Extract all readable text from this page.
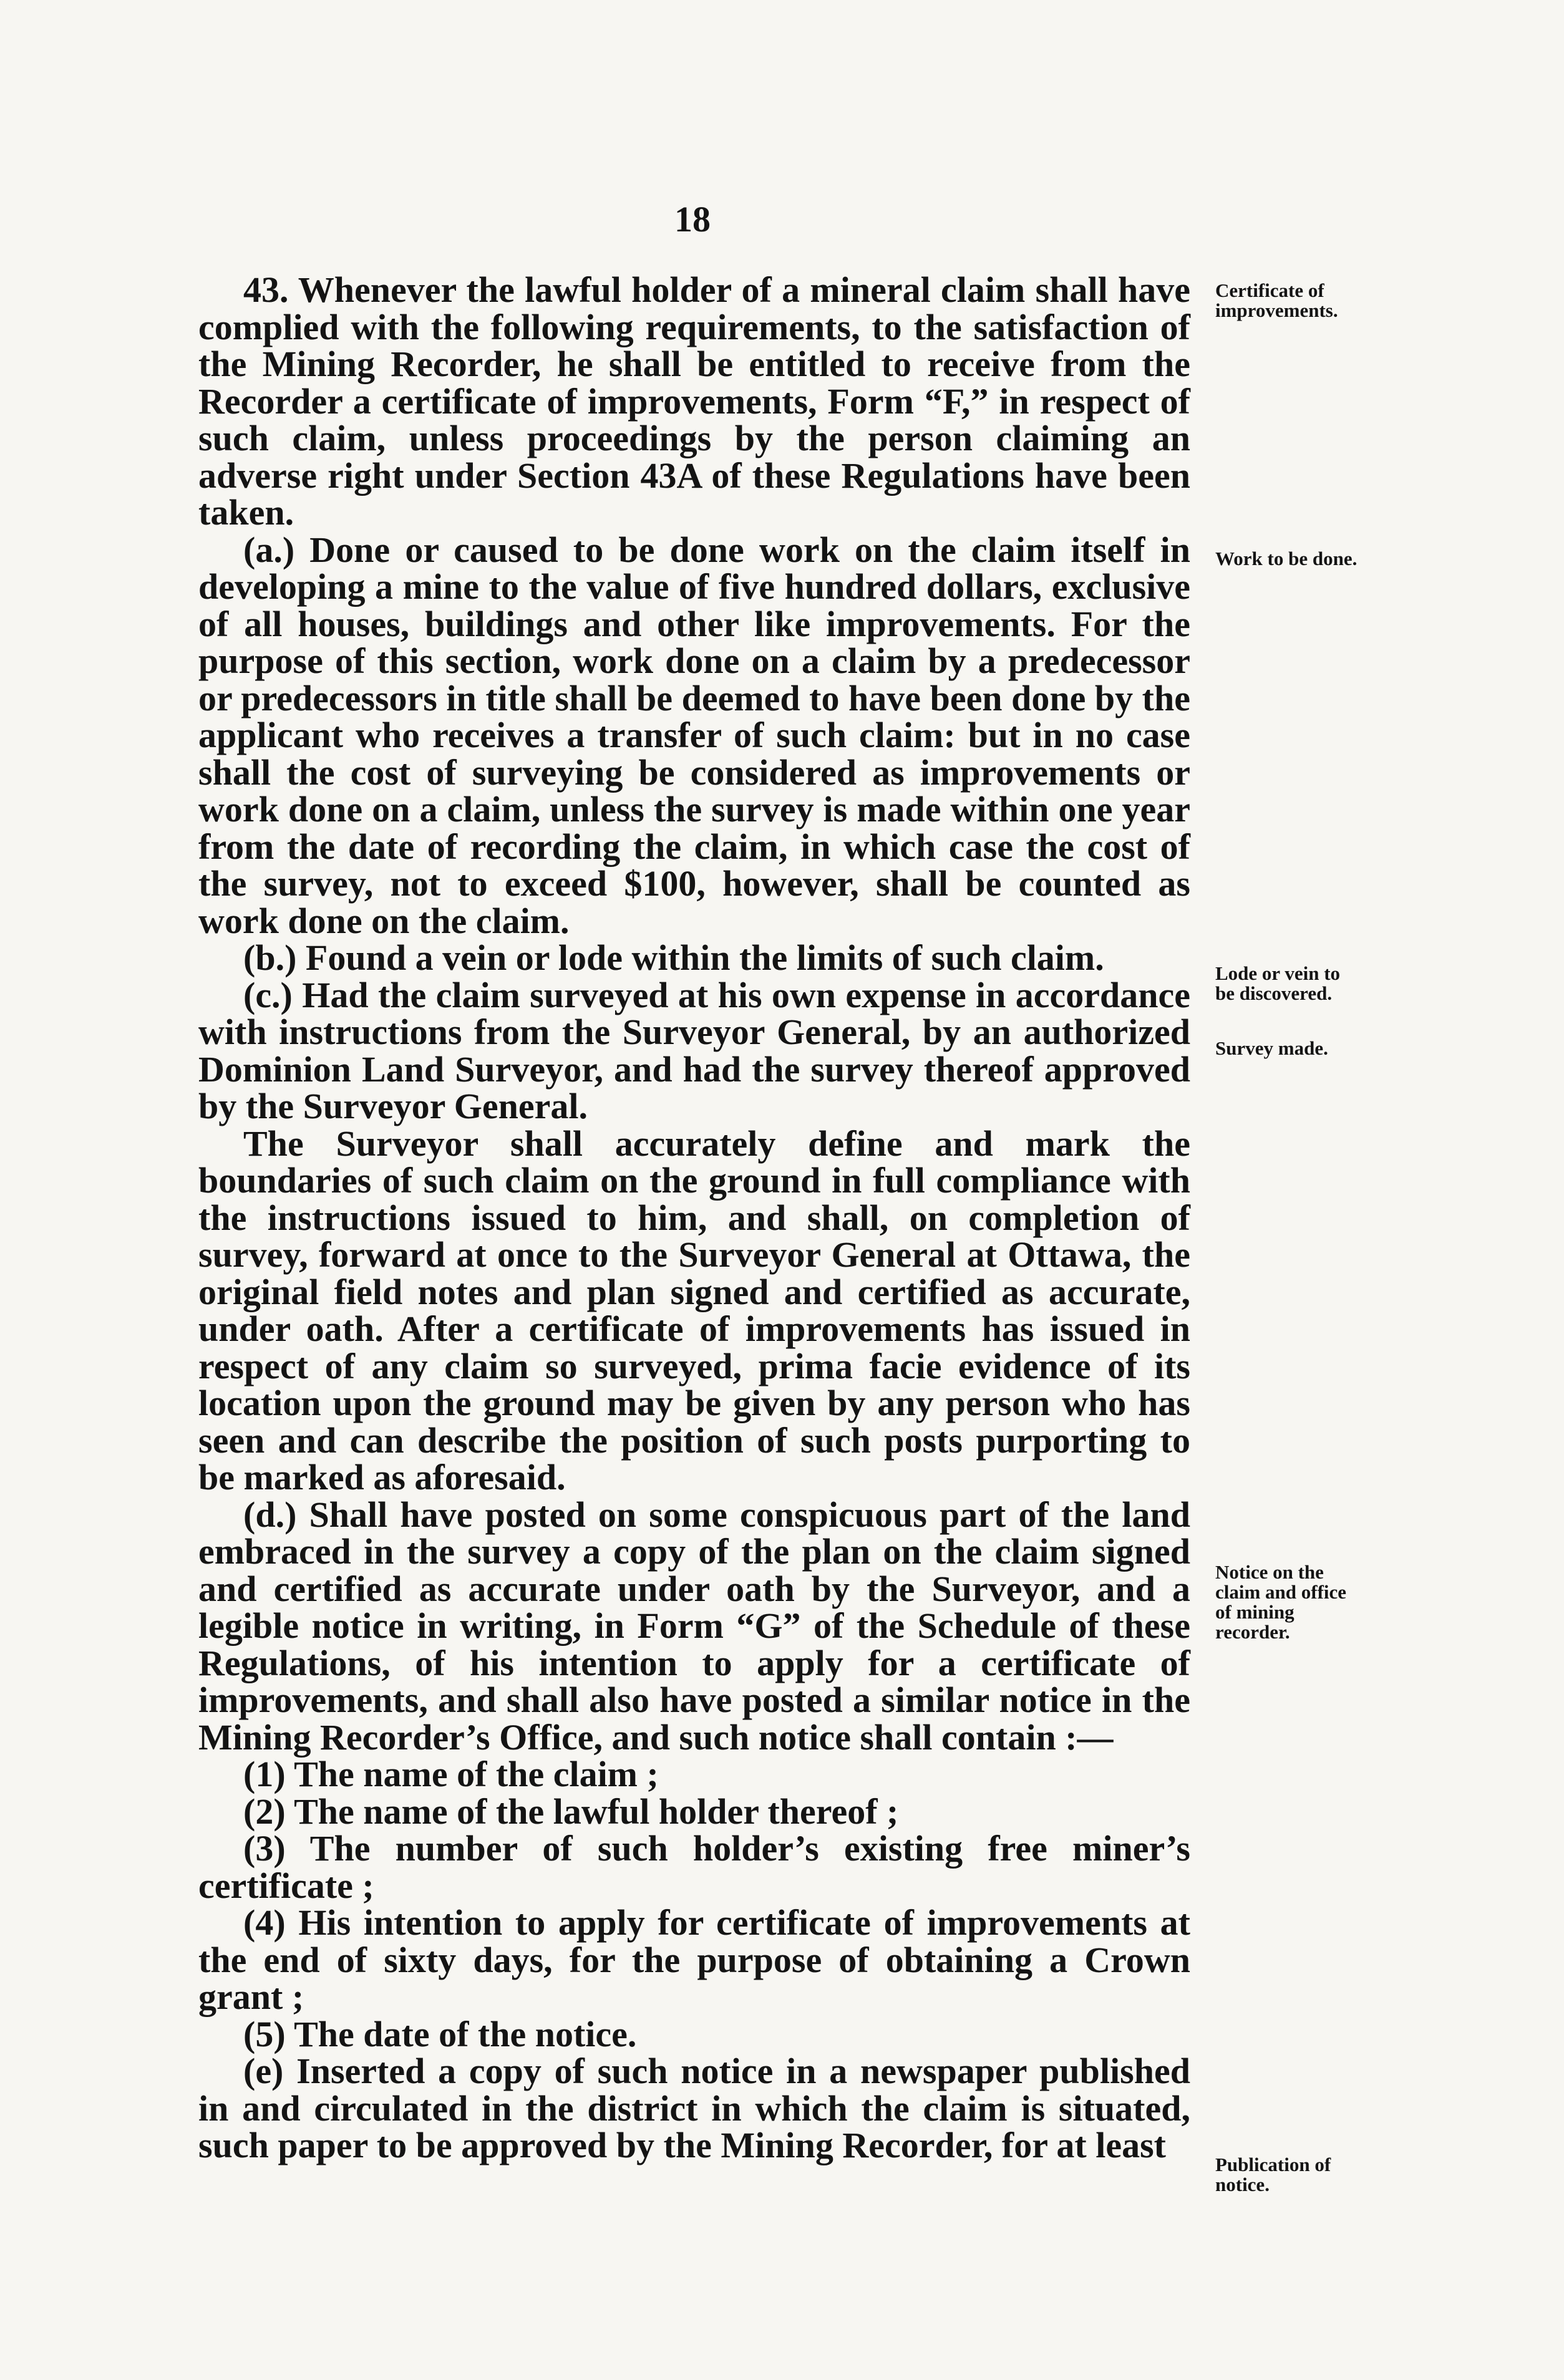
18

43. Whenever the lawful holder of a mineral claim shall have complied with the following requirements, to the satisfaction of the Mining Recorder, he shall be entitled to receive from the Recorder a certificate of improvements, Form “F,” in respect of such claim, unless proceedings by the person claiming an adverse right under Section 43A of these Regulations have been taken.

(a.) Done or caused to be done work on the claim itself in developing a mine to the value of five hundred dollars, exclusive of all houses, buildings and other like improvements. For the purpose of this section, work done on a claim by a predecessor or predecessors in title shall be deemed to have been done by the applicant who receives a transfer of such claim: but in no case shall the cost of surveying be considered as improvements or work done on a claim, unless the survey is made within one year from the date of recording the claim, in which case the cost of the survey, not to exceed $100, however, shall be counted as work done on the claim.

(b.) Found a vein or lode within the limits of such claim.

(c.) Had the claim surveyed at his own expense in accordance with instructions from the Surveyor General, by an authorized Dominion Land Surveyor, and had the survey thereof approved by the Surveyor General.

The Surveyor shall accurately define and mark the boundaries of such claim on the ground in full compliance with the instructions issued to him, and shall, on completion of survey, forward at once to the Surveyor General at Ottawa, the original field notes and plan signed and certified as accurate, under oath. After a certificate of improvements has issued in respect of any claim so surveyed, prima facie evidence of its location upon the ground may be given by any person who has seen and can describe the position of such posts purporting to be marked as aforesaid.

(d.) Shall have posted on some conspicuous part of the land embraced in the survey a copy of the plan on the claim signed and certified as accurate under oath by the Surveyor, and a legible notice in writing, in Form “G” of the Schedule of these Regulations, of his intention to apply for a certificate of improvements, and shall also have posted a similar notice in the Mining Recorder’s Office, and such notice shall contain :—

(1) The name of the claim ;

(2) The name of the lawful holder thereof ;

(3) The number of such holder’s existing free miner’s certificate ;

(4) His intention to apply for certificate of improvements at the end of sixty days, for the purpose of obtaining a Crown grant ;

(5) The date of the notice.

(e) Inserted a copy of such notice in a newspaper published in and circulated in the district in which the claim is situated, such paper to be approved by the Mining Recorder, for at least

Certificate of improvements.
Work to be done.
Lode or vein to be discovered.
Survey made.
Notice on the claim and office of mining recorder.
Publication of notice.
